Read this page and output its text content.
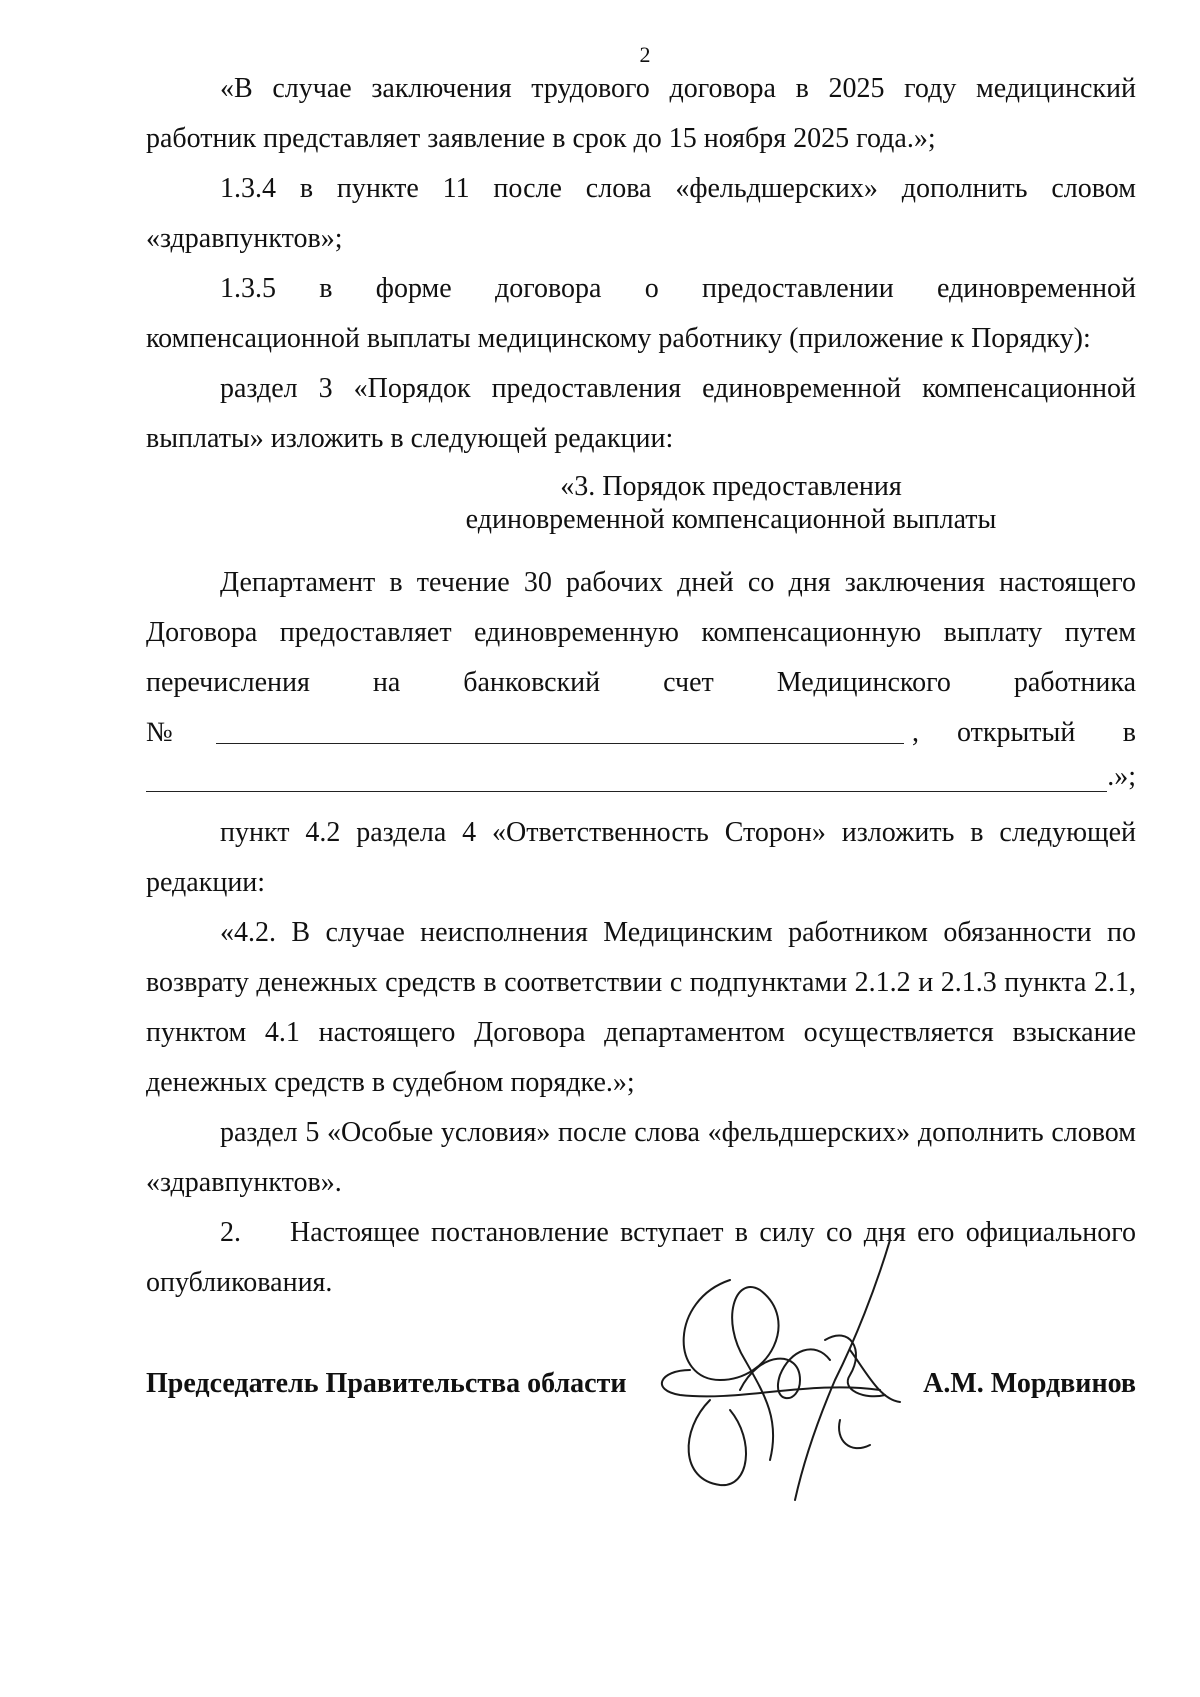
2

«В случае заключения трудового договора в 2025 году медицинский работник представляет заявление в срок до 15 ноября 2025 года.»;

1.3.4 в пункте 11 после слова «фельдшерских» дополнить словом «здравпунктов»;

1.3.5 в форме договора о предоставлении единовременной компенсационной выплаты медицинскому работнику (приложение к Порядку):

раздел 3 «Порядок предоставления единовременной компенсационной выплаты» изложить в следующей редакции:

«3. Порядок предоставления
единовременной компенсационной выплаты

Департамент в течение 30 рабочих дней со дня заключения настоящего Договора предоставляет единовременную компенсационную выплату путем перечисления на банковский счет Медицинского работника

№	, открытый в
.»;

пункт 4.2 раздела 4 «Ответственность Сторон» изложить в следующей редакции:

«4.2. В случае неисполнения Медицинским работником обязанности по возврату денежных средств в соответствии с подпунктами 2.1.2 и 2.1.3 пункта 2.1, пунктом 4.1 настоящего Договора департаментом осуществляется взыскание денежных средств в судебном порядке.»;

раздел 5 «Особые условия» после слова «фельдшерских» дополнить словом «здравпунктов».

2. Настоящее постановление вступает в силу со дня его официального опубликования.

Председатель Правительства области	А.М. Мордвинов
